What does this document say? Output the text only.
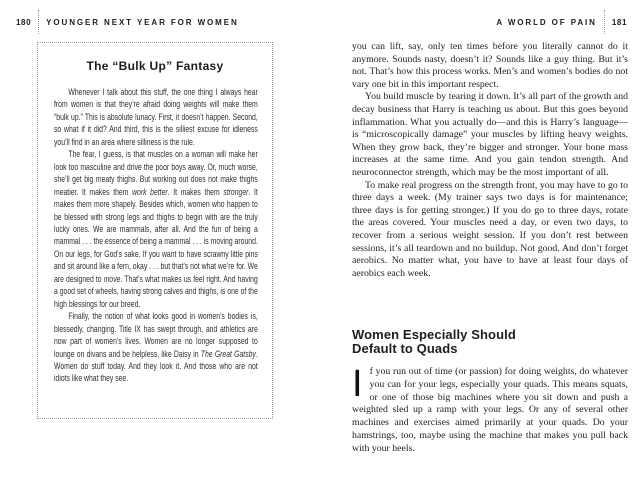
180 YOUNGER NEXT YEAR FOR WOMEN
The “Bulk Up” Fantasy

Whenever I talk about this stuff, the one thing I always hear from women is that they’re afraid doing weights will make them “bulk up.” This is absolute lunacy. First, it doesn’t happen. Second, so what if it did? And third, this is the silliest excuse for idleness you’ll find in an area where silliness is the rule.

The fear, I guess, is that muscles on a woman will make her look too masculine and drive the poor boys away. Or, much worse, she’ll get big meaty thighs. But working out does not make thighs meatier. It makes them work better. It makes them stronger. It makes them more shapely. Besides which, women who happen to be blessed with strong legs and thighs to begin with are the truly lucky ones. We are mammals, after all. And the fun of being a mammal . . . the essence of being a mammal . . . is moving around. On our legs, for God’s sake. If you want to have scrawny little pins and sit around like a fern, okay . . . but that’s not what we’re for. We are designed to move. That’s what makes us feel right. And having a good set of wheels, having strong calves and thighs, is one of the high blessings for our breed.

Finally, the notion of what looks good in women’s bodies is, blessedly, changing. Title IX has swept through, and athletics are now part of women’s lives. Women are no longer supposed to lounge on divans and be helpless, like Daisy in The Great Gatsby. Women do stuff today. And they look it. And those who are not idiots like what they see.

A WORLD OF PAIN 181

you can lift, say, only ten times before you literally cannot do it anymore. Sounds nasty, doesn’t it? Sounds like a guy thing. But it’s not. That’s how this process works. Men’s and women’s bodies do not vary one bit in this important respect.

You build muscle by tearing it down. It’s all part of the growth and decay business that Harry is teaching us about. But this goes beyond inflammation. What you actually do—and this is Harry’s language—is “microscopically damage” your muscles by lifting heavy weights. When they grow back, they’re bigger and stronger. Your bone mass increases at the same time. And you gain tendon strength. And neuroconnector strength, which may be the most important of all.

To make real progress on the strength front, you may have to go to three days a week. (My trainer says two days is for maintenance; three days is for getting stronger.) If you do go to three days, rotate the areas covered. Your muscles need a day, or even two days, to recover from a serious weight session. If you don’t rest between sessions, it’s all teardown and no buildup. Not good. And don’t forget aerobics. No matter what, you have to have at least four days of aerobics each week.

Women Especially Should
Default to Quads

If you run out of time (or passion) for doing weights, do whatever you can for your legs, especially your quads. This means squats, or one of those big machines where you sit down and push a weighted sled up a ramp with your legs. Or any of several other machines and exercises aimed primarily at your quads. Do your hamstrings, too, maybe using the machine that makes you pull back with your heels.
